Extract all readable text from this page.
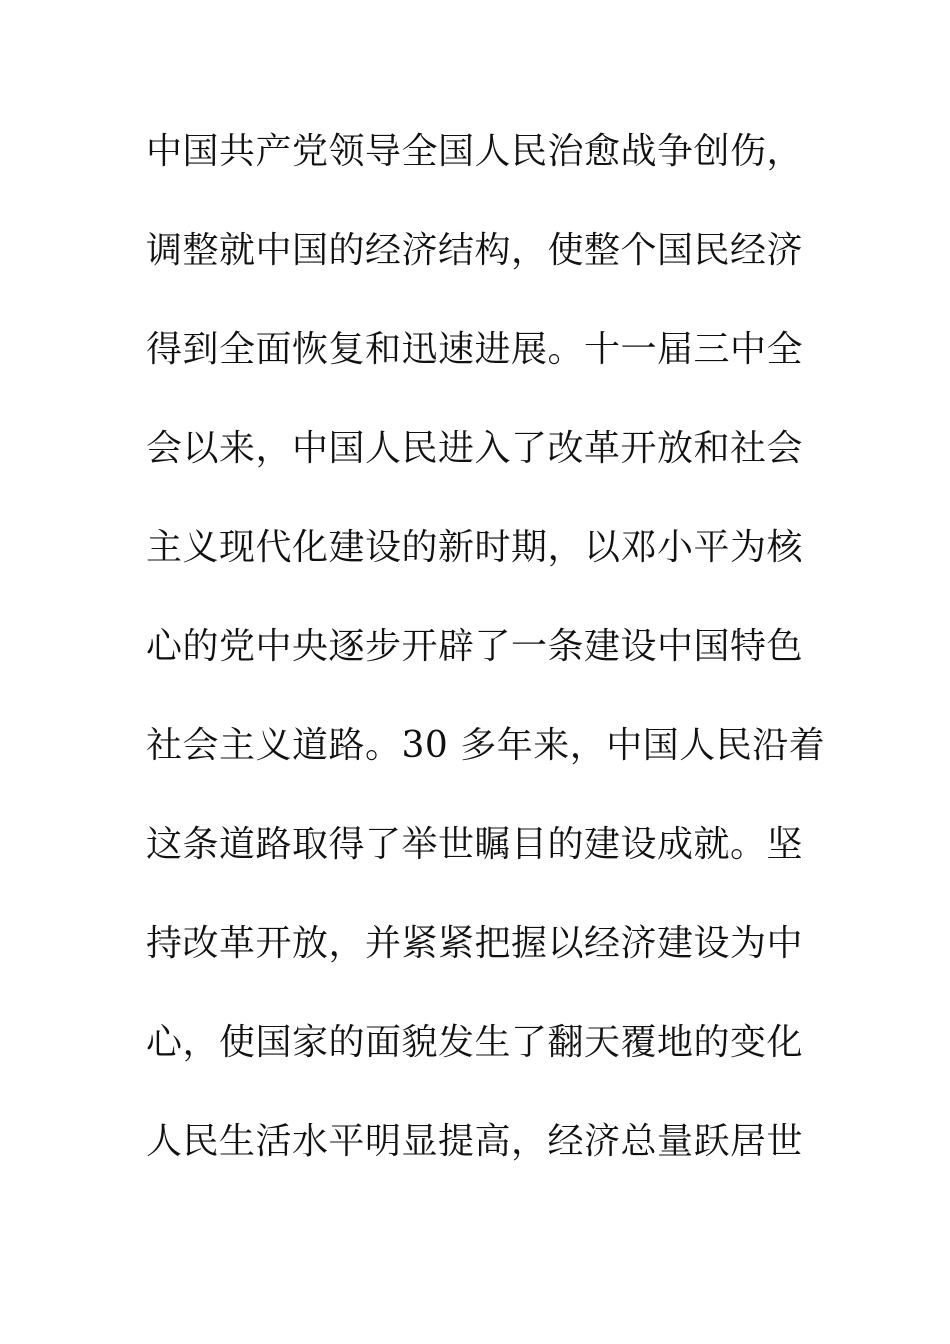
中国共产党领导全国人民治愈战争创伤，
调整就中国的经济结构，使整个国民经济
得到全面恢复和迅速进展。十一届三中全
会以来，中国人民进入了改革开放和社会
主义现代化建设的新时期，以邓小平为核
心的党中央逐步开辟了一条建设中国特色
社会主义道路。30 多年来，中国人民沿着
这条道路取得了举世瞩目的建设成就。坚
持改革开放，并紧紧把握以经济建设为中
心，使国家的面貌发生了翻天覆地的变化
人民生活水平明显提高，经济总量跃居世
